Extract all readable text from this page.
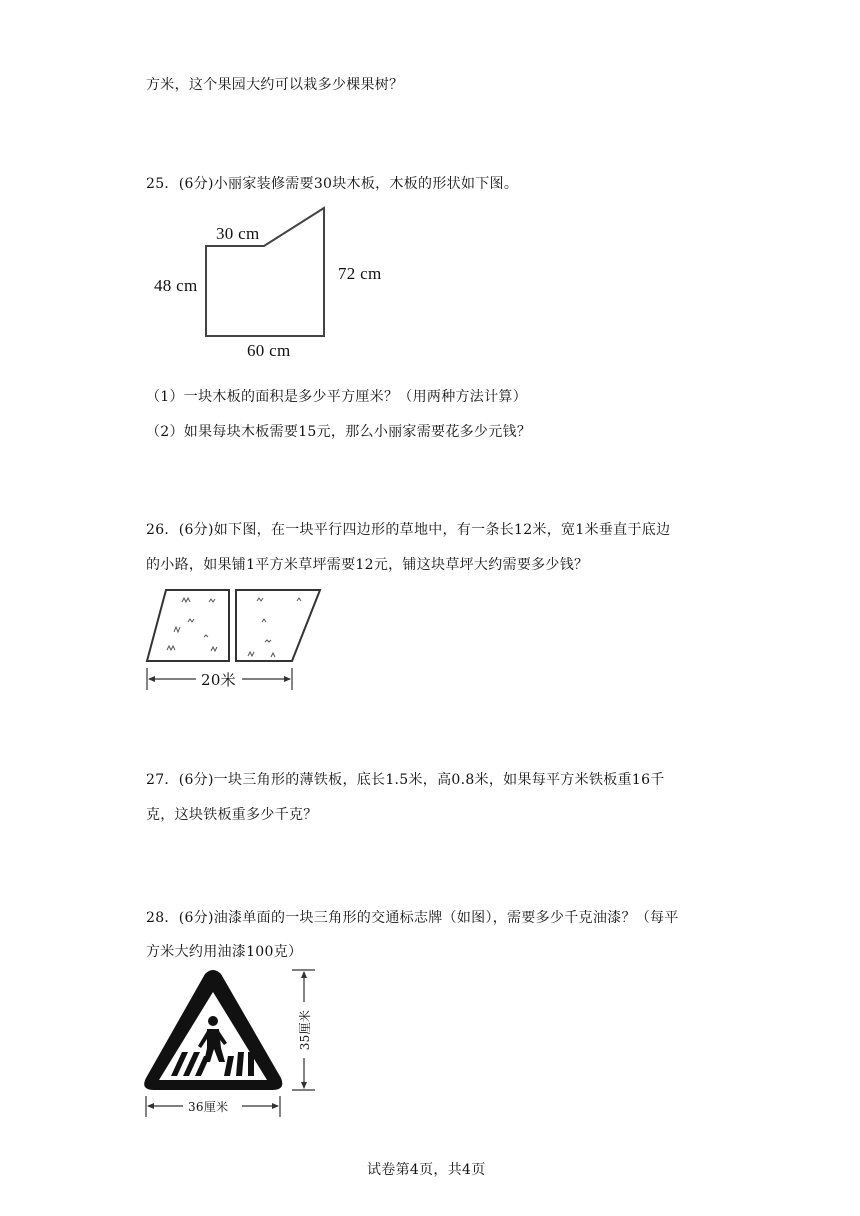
方米，这个果园大约可以栽多少棵果树？
25．(6分)小丽家装修需要30块木板，木板的形状如下图。
30 cm
48 cm
72 cm
60 cm
（1）一块木板的面积是多少平方厘米？（用两种方法计算）
（2）如果每块木板需要15元，那么小丽家需要花多少元钱？
26．(6分)如下图，在一块平行四边形的草地中，有一条长12米，宽1米垂直于底边
的小路，如果铺1平方米草坪需要12元，铺这块草坪大约需要多少钱？
20米
27．(6分)一块三角形的薄铁板，底长1.5米，高0.8米，如果每平方米铁板重16千
克，这块铁板重多少千克？
28．(6分)油漆单面的一块三角形的交通标志牌（如图），需要多少千克油漆？（每平
方米大约用油漆100克）
35厘米
36厘米
试卷第4页，共4页
